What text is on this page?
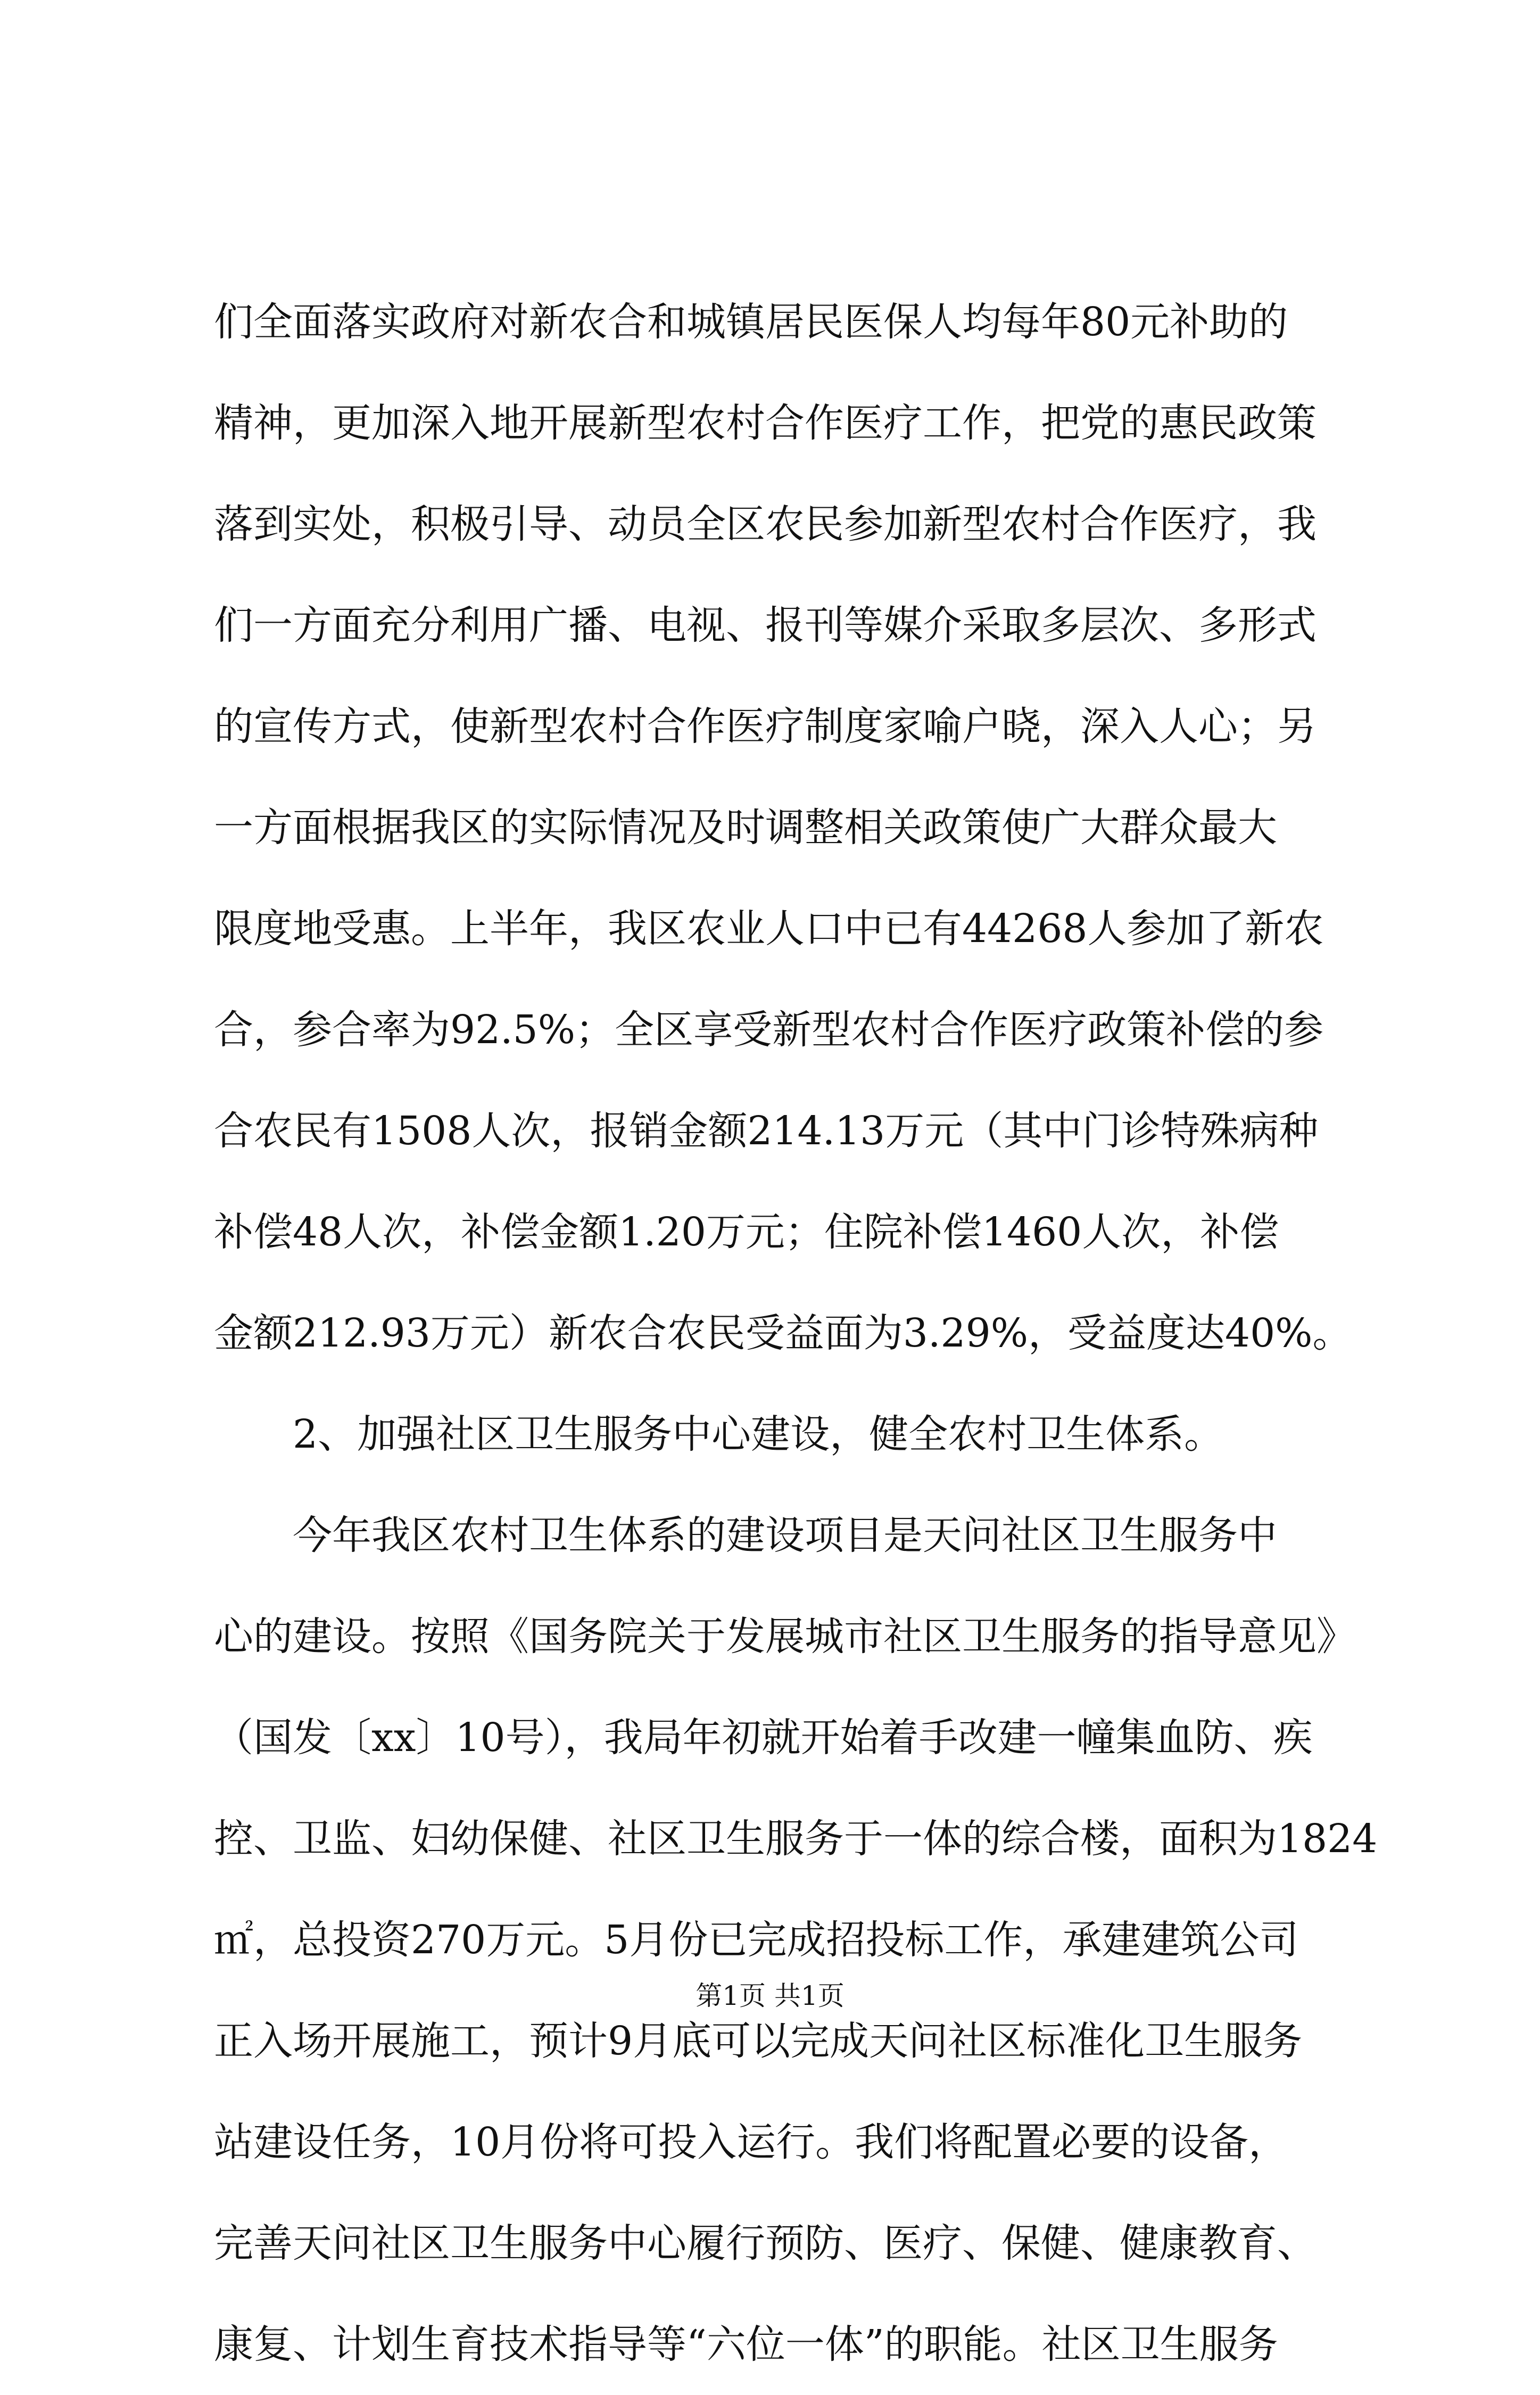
们全面落实政府对新农合和城镇居民医保人均每年80元补助的
精神，更加深入地开展新型农村合作医疗工作，把党的惠民政策
落到实处，积极引导、动员全区农民参加新型农村合作医疗，我
们一方面充分利用广播、电视、报刊等媒介采取多层次、多形式
的宣传方式，使新型农村合作医疗制度家喻户晓，深入人心；另
一方面根据我区的实际情况及时调整相关政策使广大群众最大
限度地受惠。上半年，我区农业人口中已有44268人参加了新农
合，参合率为92.5%；全区享受新型农村合作医疗政策补偿的参
合农民有1508人次，报销金额214.13万元（其中门诊特殊病种
补偿48人次，补偿金额1.20万元；住院补偿1460人次，补偿
金额212.93万元）新农合农民受益面为3.29%，受益度达40%。
2、加强社区卫生服务中心建设，健全农村卫生体系。
今年我区农村卫生体系的建设项目是天问社区卫生服务中
心的建设。按照《国务院关于发展城市社区卫生服务的指导意见》
（国发〔xx〕10号），我局年初就开始着手改建一幢集血防、疾
控、卫监、妇幼保健、社区卫生服务于一体的综合楼，面积为1824
㎡，总投资270万元。5月份已完成招投标工作，承建建筑公司
正入场开展施工，预计9月底可以完成天问社区标准化卫生服务
站建设任务，10月份将可投入运行。我们将配置必要的设备，
完善天问社区卫生服务中心履行预防、医疗、保健、健康教育、
康复、计划生育技术指导等“六位一体”的职能。社区卫生服务
第1页 共1页
